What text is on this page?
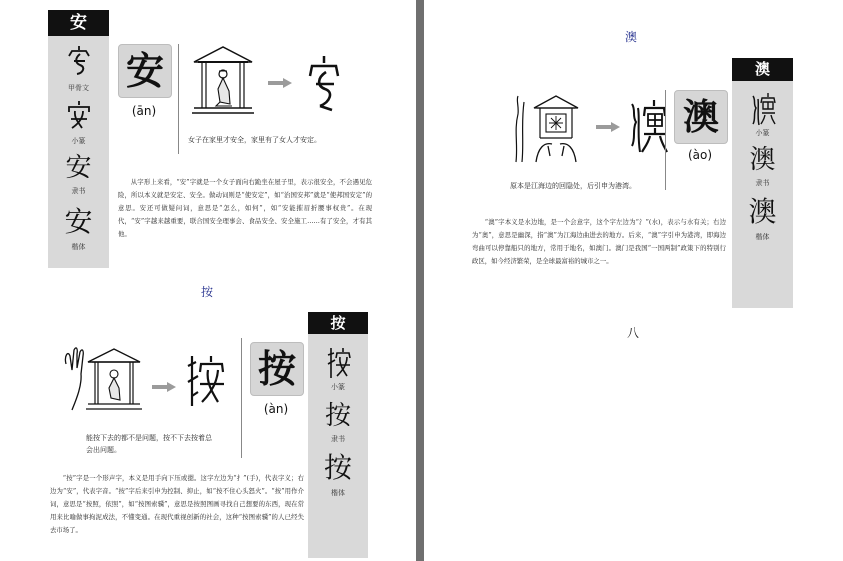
安
甲骨文
小篆
安
隶书
安
楷体
安
(ān)
女子在家里才安全，家里有了女人才安定。
从字形上来看，“安”字就是一个女子面向右跪坐在屋子里，表示很安全，不会遇见危险，所以本义就是安定、安全。做动词则是“使安定”，如“治国安邦”就是“使邦国安定”的意思。安还可做疑问词，意思是“怎么，如何”，如“安能摧眉折腰事权贵”。在现代，“安”字越来越重要，联合国安全理事会、食品安全、安全施工……有了安全，才有其他。
按
按
(àn)
按
小篆
按
隶书
按
楷体
能按下去的都不是问题，按不下去按着总会出问题。
“按”字是一个形声字，本义是用手向下压或摁。这字左边为“扌”(手)，代表字义；右边为“安”，代表字音。“按”字后来引申为控制、抑止，如“按不住心头怒火”。“按”用作介词，意思是“按照，依照”，如“按图索骥”，意思是按照图画寻找自己想要的东西，现在常用来比喻做事拘泥成法，不懂变通。在现代重视创新的社会，这种“按图索骥”的人已经失去市场了。
澳
澳
(ào)
澳
小篆
澳
隶书
澳
楷体
原本是江海边的回隐处，后引申为港湾。
“澳”字本义是水边地，是一个会意字，这个字左边为“氵”(水)，表示与水有关；右边为“奥”，意思是幽深，指“澳”为江海边曲进去的地方。后来，“澳”字引申为港湾，即海边弯曲可以停靠船只的地方，常用于地名，如澳门。澳门是我国“一国两制”政策下的特别行政区，如今经济繁荣，是全球最富裕的城市之一。
八
